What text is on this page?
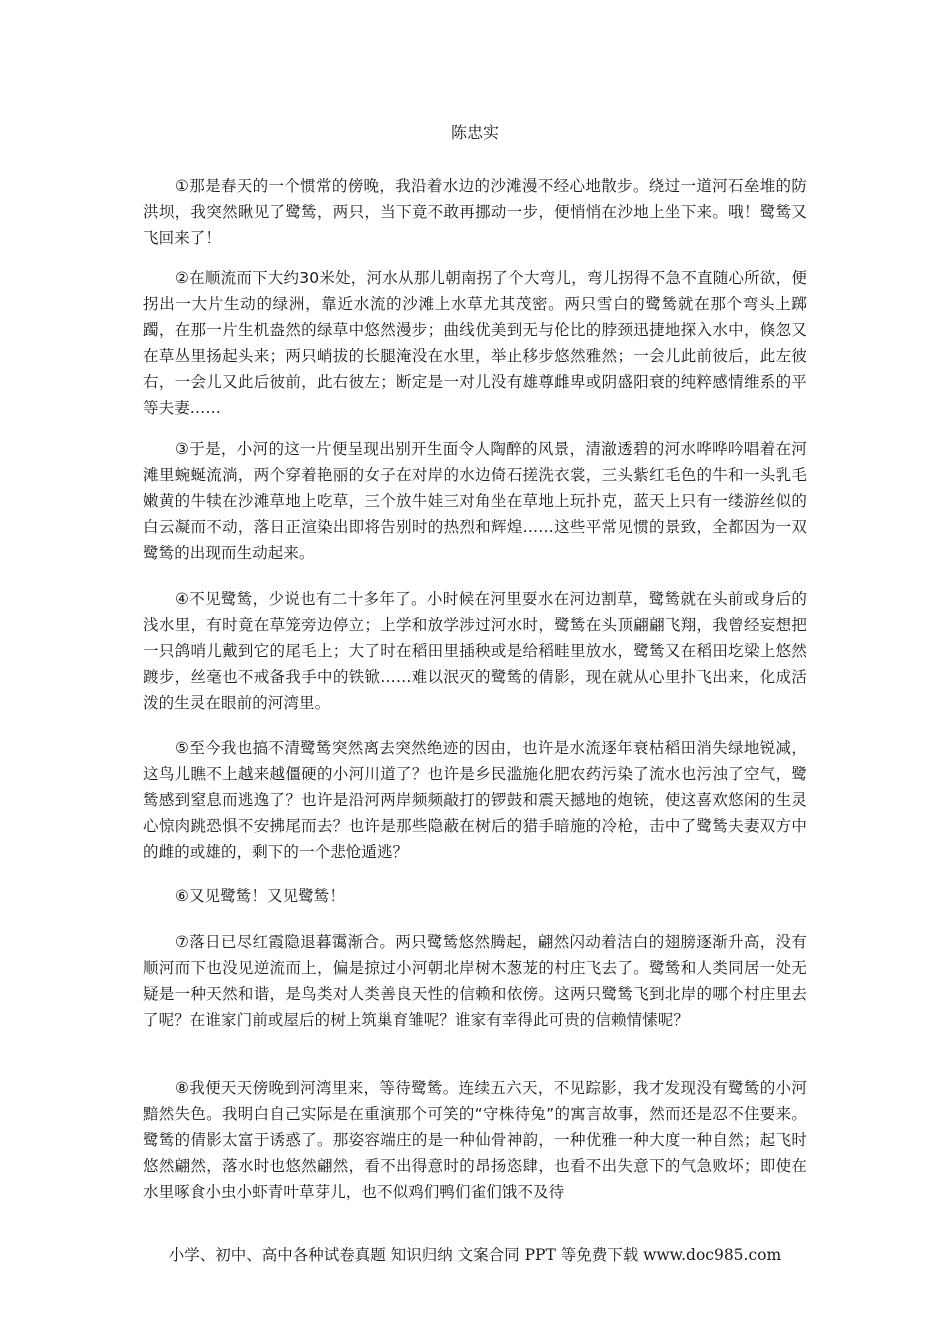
陈忠实

①那是春天的一个惯常的傍晚，我沿着水边的沙滩漫不经心地散步。绕过一道河石垒堆的防洪坝，我突然瞅见了鹭鸶，两只，当下竟不敢再挪动一步，便悄悄在沙地上坐下来。哦！鹭鸶又飞回来了！

②在顺流而下大约30米处，河水从那儿朝南拐了个大弯儿，弯儿拐得不急不直随心所欲，便拐出一大片生动的绿洲，靠近水流的沙滩上水草尤其茂密。两只雪白的鹭鸶就在那个弯头上踯躅，在那一片生机盎然的绿草中悠然漫步；曲线优美到无与伦比的脖颈迅捷地探入水中，倏忽又在草丛里扬起头来；两只峭拔的长腿淹没在水里，举止移步悠然雅然；一会儿此前彼后，此左彼右，一会儿又此后彼前，此右彼左；断定是一对儿没有雄尊雌卑或阴盛阳衰的纯粹感情维系的平等夫妻……

③于是，小河的这一片便呈现出别开生面令人陶醉的风景，清澈透碧的河水哗哗吟唱着在河滩里蜿蜒流淌，两个穿着艳丽的女子在对岸的水边倚石搓洗衣裳，三头紫红毛色的牛和一头乳毛嫩黄的牛犊在沙滩草地上吃草，三个放牛娃三对角坐在草地上玩扑克，蓝天上只有一缕游丝似的白云凝而不动，落日正渲染出即将告别时的热烈和辉煌……这些平常见惯的景致，全都因为一双鹭鸶的出现而生动起来。

④不见鹭鸶，少说也有二十多年了。小时候在河里耍水在河边割草，鹭鸶就在头前或身后的浅水里，有时竟在草笼旁边停立；上学和放学涉过河水时，鹭鸶在头顶翩翩飞翔，我曾经妄想把一只鸽哨儿戴到它的尾毛上；大了时在稻田里插秧或是给稻畦里放水，鹭鸶又在稻田圪梁上悠然踱步，丝毫也不戒备我手中的铁锨……难以泯灭的鹭鸶的倩影，现在就从心里扑飞出来，化成活泼的生灵在眼前的河湾里。

⑤至今我也搞不清鹭鸶突然离去突然绝迹的因由，也许是水流逐年衰枯稻田消失绿地锐减，这鸟儿瞧不上越来越僵硬的小河川道了？也许是乡民滥施化肥农药污染了流水也污浊了空气，鹭鸶感到窒息而逃逸了？也许是沿河两岸频频敲打的锣鼓和震天撼地的炮铳，使这喜欢悠闲的生灵心惊肉跳恐惧不安拂尾而去？也许是那些隐蔽在树后的猎手暗施的冷枪，击中了鹭鸶夫妻双方中的雌的或雄的，剩下的一个悲怆遁逃？

⑥又见鹭鸶！又见鹭鸶！

⑦落日已尽红霞隐退暮霭渐合。两只鹭鸶悠然腾起，翩然闪动着洁白的翅膀逐渐升高，没有顺河而下也没见逆流而上，偏是掠过小河朝北岸树木葱茏的村庄飞去了。鹭鸶和人类同居一处无疑是一种天然和谐，是鸟类对人类善良天性的信赖和依傍。这两只鹭鸶飞到北岸的哪个村庄里去了呢？在谁家门前或屋后的树上筑巢育雏呢？谁家有幸得此可贵的信赖情愫呢？

⑧我便天天傍晚到河湾里来，等待鹭鸶。连续五六天，不见踪影，我才发现没有鹭鸶的小河黯然失色。我明白自己实际是在重演那个可笑的“守株待兔”的寓言故事，然而还是忍不住要来。鹭鸶的倩影太富于诱惑了。那姿容端庄的是一种仙骨神韵，一种优雅一种大度一种自然；起飞时悠然翩然，落水时也悠然翩然，看不出得意时的昂扬恣肆，也看不出失意下的气急败坏；即使在水里啄食小虫小虾青叶草芽儿，也不似鸡们鸭们雀们饿不及待

小学、初中、高中各种试卷真题 知识归纳 文案合同 PPT 等免费下载 www.doc985.com
